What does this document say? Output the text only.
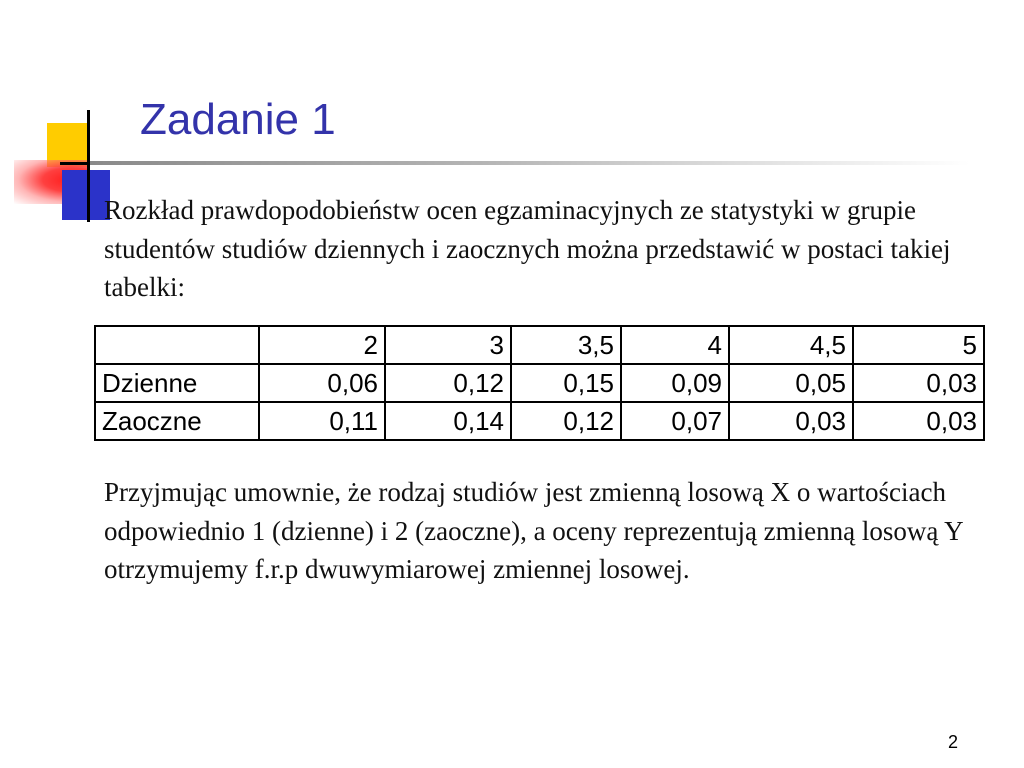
Zadanie 1

Rozkład prawdopodobieństw ocen egzaminacyjnych ze statystyki w grupie studentów studiów dziennych i zaocznych można przedstawić w postaci takiej tabelki:

	2	3	3,5	4	4,5	5
Dzienne	0,06	0,12	0,15	0,09	0,05	0,03
Zaoczne	0,11	0,14	0,12	0,07	0,03	0,03

Przyjmując umownie, że rodzaj studiów jest zmienną losową X o wartościach odpowiednio 1 (dzienne) i 2 (zaoczne), a oceny reprezentują zmienną losową Y otrzymujemy f.r.p dwuwymiarowej zmiennej losowej.

2
